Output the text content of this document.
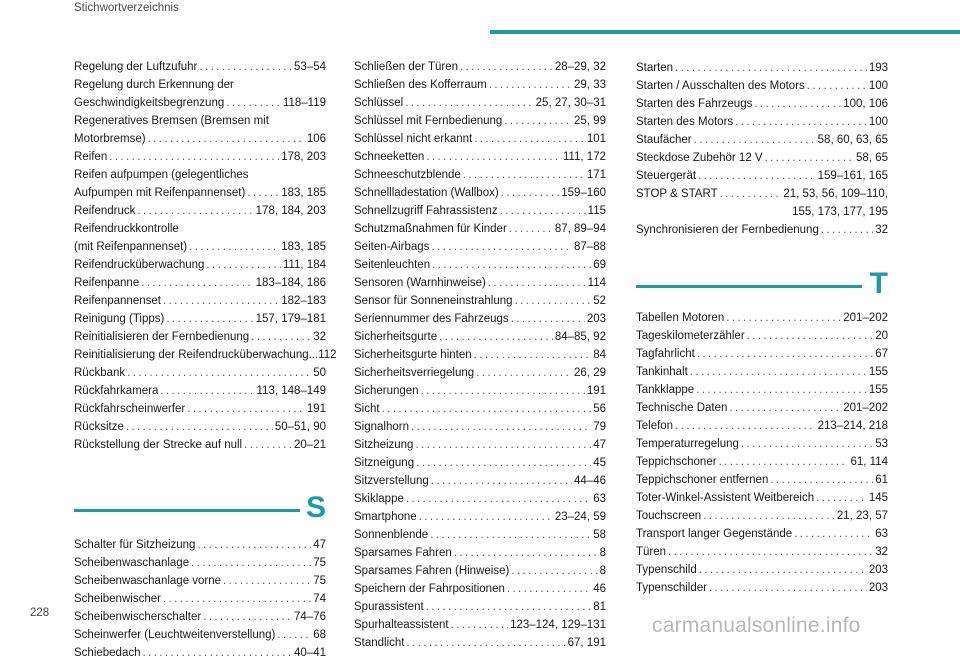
Stichwortverzeichnis
Regelung der Luftzufuhr . . .	53–54
Regelung durch Erkennung der
Geschwindigkeitsbegrenzung . . .	118–119
Regeneratives Bremsen (Bremsen mit
Motorbremse) . . .	106
Reifen . . .	178, 203
Reifen aufpumpen (gelegentliches
Aufpumpen mit Reifenpannenset) . . .	183, 185
Reifendruck . . .	178, 184, 203
Reifendruckkontrolle
(mit Reifenpannenset) . . .	183, 185
Reifendrucküberwachung . . .	111, 184
Reifenpanne . . .	183–184, 186
Reifenpannenset . . .	182–183
Reinigung (Tipps) . . .	157, 179–181
Reinitialisieren der Fernbedienung . . .	32
Reinitialisierung der Reifendrucküberwachung ... 112
Rückbank . . .	50
Rückfahrkamera . . .	113, 148–149
Rückfahrscheinwerfer . . .	191
Rücksitze . . .	50–51, 90
Rückstellung der Strecke auf null . . .	20–21
S
Schalter für Sitzheizung . . .	47
Scheibenwaschanlage . . .	75
Scheibenwaschanlage vorne . . .	75
Scheibenwischer . . .	74
Scheibenwischerschalter . . .	74–76
Scheinwerfer (Leuchtweitenverstellung) . . .	68
Schiebedach . . .	40–41
Schließen der Türen . . .	28–29, 32
Schließen des Kofferraum . . .	29, 33
Schlüssel . . .	25, 27, 30–31
Schlüssel mit Fernbedienung . . .	25, 99
Schlüssel nicht erkannt . . .	101
Schneeketten . . .	111, 172
Schneeschutzblende . . .	171
Schnellladestation (Wallbox) . . .	159–160
Schnellzugriff Fahrassistenz . . .	115
Schutzmaßnahmen für Kinder . . .	87, 89–94
Seiten-Airbags . . .	87–88
Seitenleuchten . . .	69
Sensoren (Warnhinweise) . . .	114
Sensor für Sonneneinstrahlung . . .	52
Seriennummer des Fahrzeugs . . .	203
Sicherheitsgurte . . .	84–85, 92
Sicherheitsgurte hinten . . .	84
Sicherheitsverriegelung . . .	26, 29
Sicherungen . . .	191
Sicht . . .	56
Signalhorn . . .	79
Sitzheizung . . .	47
Sitzneigung . . .	45
Sitzverstellung . . .	44–46
Skiklappe . . .	63
Smartphone . . .	23–24, 59
Sonnenblende . . .	58
Sparsames Fahren . . .	8
Sparsames Fahren (Hinweise) . . .	8
Speichern der Fahrpositionen . . .	46
Spurassistent . . .	81
Spurhalteassistent . . .	123–124, 129–131
Standlicht . . .	67, 191
Starten . . .	193
Starten / Ausschalten des Motors . . .	100
Starten des Fahrzeugs . . .	100, 106
Starten des Motors . . .	100
Staufächer . . .	58, 60, 63, 65
Steckdose Zubehör 12 V . . .	58, 65
Steuergerät . . .	159–161, 165
STOP & START . . .	21, 53, 56, 109–110,
155, 173, 177, 195
Synchronisieren der Fernbedienung . . .	32
T
Tabellen Motoren . . .	201–202
Tageskilometerzähler . . .	20
Tagfahrlicht . . .	67
Tankinhalt . . .	155
Tankklappe . . .	155
Technische Daten . . .	201–202
Telefon . . .	213–214, 218
Temperaturregelung . . .	53
Teppichschoner . . .	61, 114
Teppichschoner entfernen . . .	61
Toter-Winkel-Assistent Weitbereich . . .	145
Touchscreen . . .	21, 23, 57
Transport langer Gegenstände . . .	63
Türen . . .	32
Typenschild . . .	203
Typenschilder . . .	203
228
carmanualsonline.info
